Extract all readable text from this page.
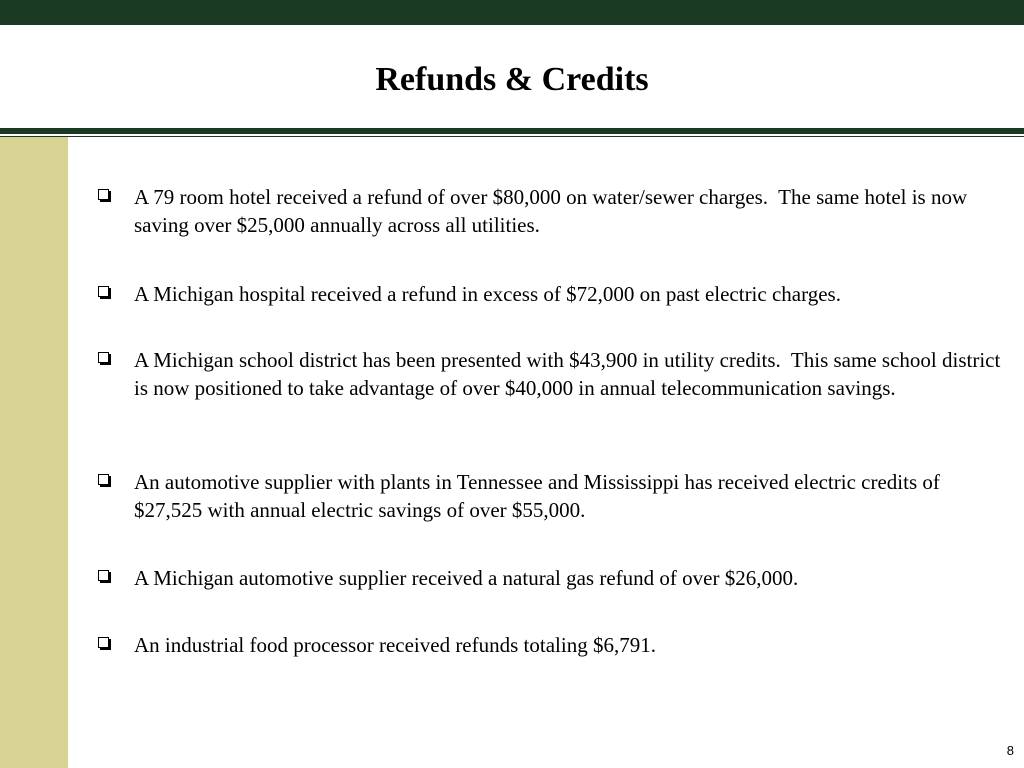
Refunds & Credits
A 79 room hotel received a refund of over $80,000 on water/sewer charges.  The same hotel is now saving over $25,000 annually across all utilities.
A Michigan hospital received a refund in excess of $72,000 on past electric charges.
A Michigan school district has been presented with $43,900 in utility credits.  This same school district is now positioned to take advantage of over $40,000 in annual telecommunication savings.
An automotive supplier with plants in Tennessee and Mississippi has received electric credits of $27,525 with annual electric savings of over $55,000.
A Michigan automotive supplier received a natural gas refund of over $26,000.
An industrial food processor received refunds totaling $6,791.
8
